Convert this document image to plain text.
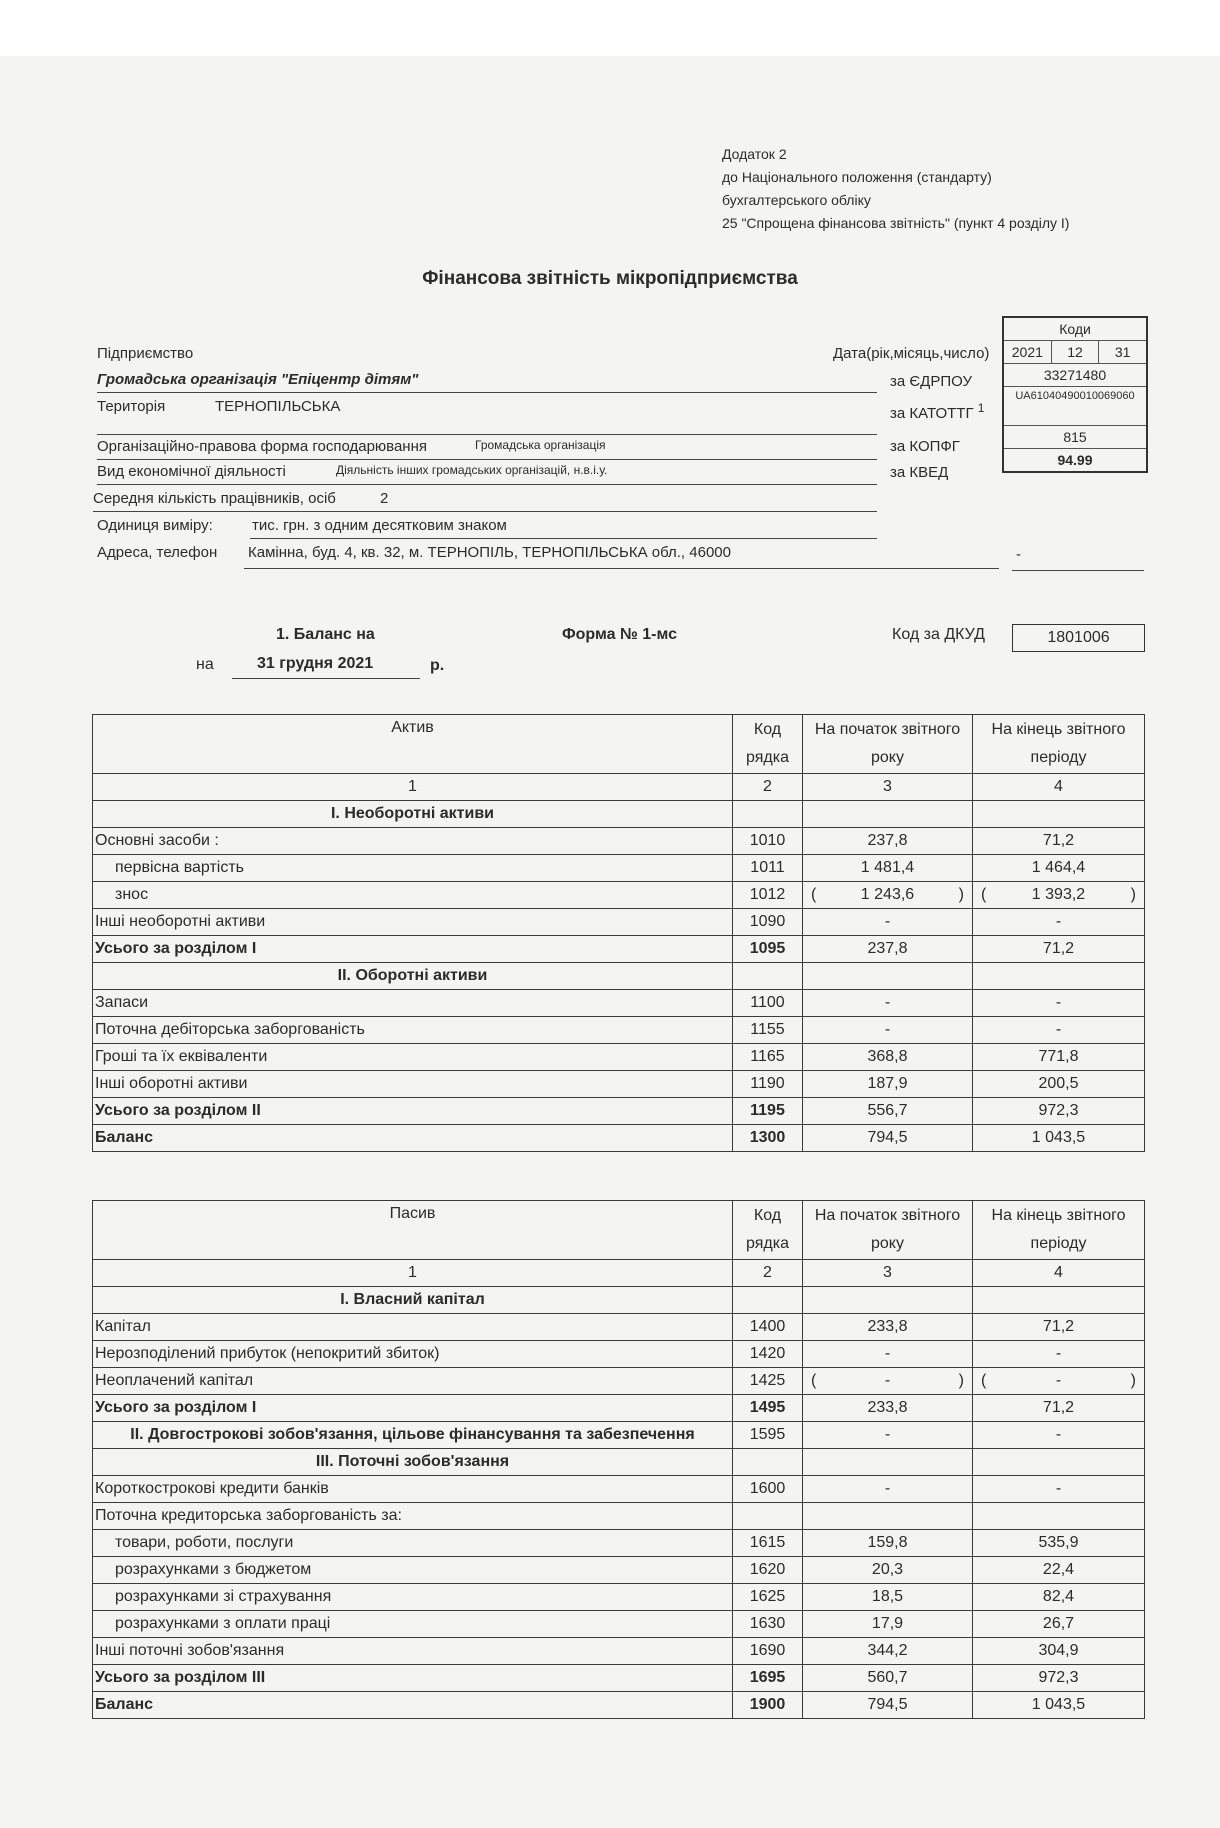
Додаток 2
до Національного положення (стандарту)
бухгалтерського обліку
25 "Спрощена фінансова звітність" (пункт 4 розділу І)
Фінансова звітність мікропідприємства
Коди
2021	12	31
33271480
UA61040490010069060
815
94.99
Дата(рік,місяць,число)
за ЄДРПОУ
за КАТОТТГ $^1$
за КОПФГ
за КВЕД
Підприємство
Громадська організація "Епіцентр дітям"
Територія	ТЕРНОПІЛЬСЬКА
Організаційно-правова форма господарювання	Громадська організація
Вид економічної діяльності	Діяльність інших громадських організацій, н.в.і.у.
Середня кількість працівників, осіб	2
Одиниця виміру:	тис. грн. з одним десятковим знаком
Адреса, телефон Камінна, буд. 4, кв. 32, м. ТЕРНОПІЛЬ, ТЕРНОПІЛЬСЬКА обл., 46000	-
1. Баланс на
на	31 грудня 2021	р.
Форма № 1-мс	Код за ДКУД	1801006
Актив	Код рядка	На початок звітного року	На кінець звітного періоду
1	2	3	4
I. Необоротні активи			
Основні засоби :	1010	237,8	71,2
первісна вартість	1011	1 481,4	1 464,4
знос	1012	( 1 243,6 )	( 1 393,2 )

Інші необоротні активи	1090	-	-
Усього за розділом I	1095	237,8	71,2
II. Оборотні активи			
Запаси	1100	-	-
Поточна дебіторська заборгованість	1155	-	-
Гроші та їх еквіваленти	1165	368,8	771,8
Інші оборотні активи	1190	187,9	200,5
Усього за розділом II	1195	556,7	972,3
Баланс	1300	794,5	1 043,5
Пасив	Код рядка	На початок звітного року	На кінець звітного періоду
1	2	3	4
I. Власний капітал			
Капітал	1400	233,8	71,2
Нерозподілений прибуток (непокритий збиток)	1420	-	-
Неоплачений капітал	1425	( - )	( - )

Усього за розділом I	1495	233,8	71,2
II. Довгострокові зобов'язання, цільове фінансування та забезпечення	1595	-	-
III. Поточні зобов'язання			
Короткострокові кредити банків	1600	-	-
Поточна кредиторська заборгованість за:			
товари, роботи, послуги	1615	159,8	535,9
розрахунками з бюджетом	1620	20,3	22,4
розрахунками зі страхування	1625	18,5	82,4
розрахунками з оплати праці	1630	17,9	26,7
Інші поточні зобов'язання	1690	344,2	304,9
Усього за розділом III	1695	560,7	972,3
Баланс	1900	794,5	1 043,5
